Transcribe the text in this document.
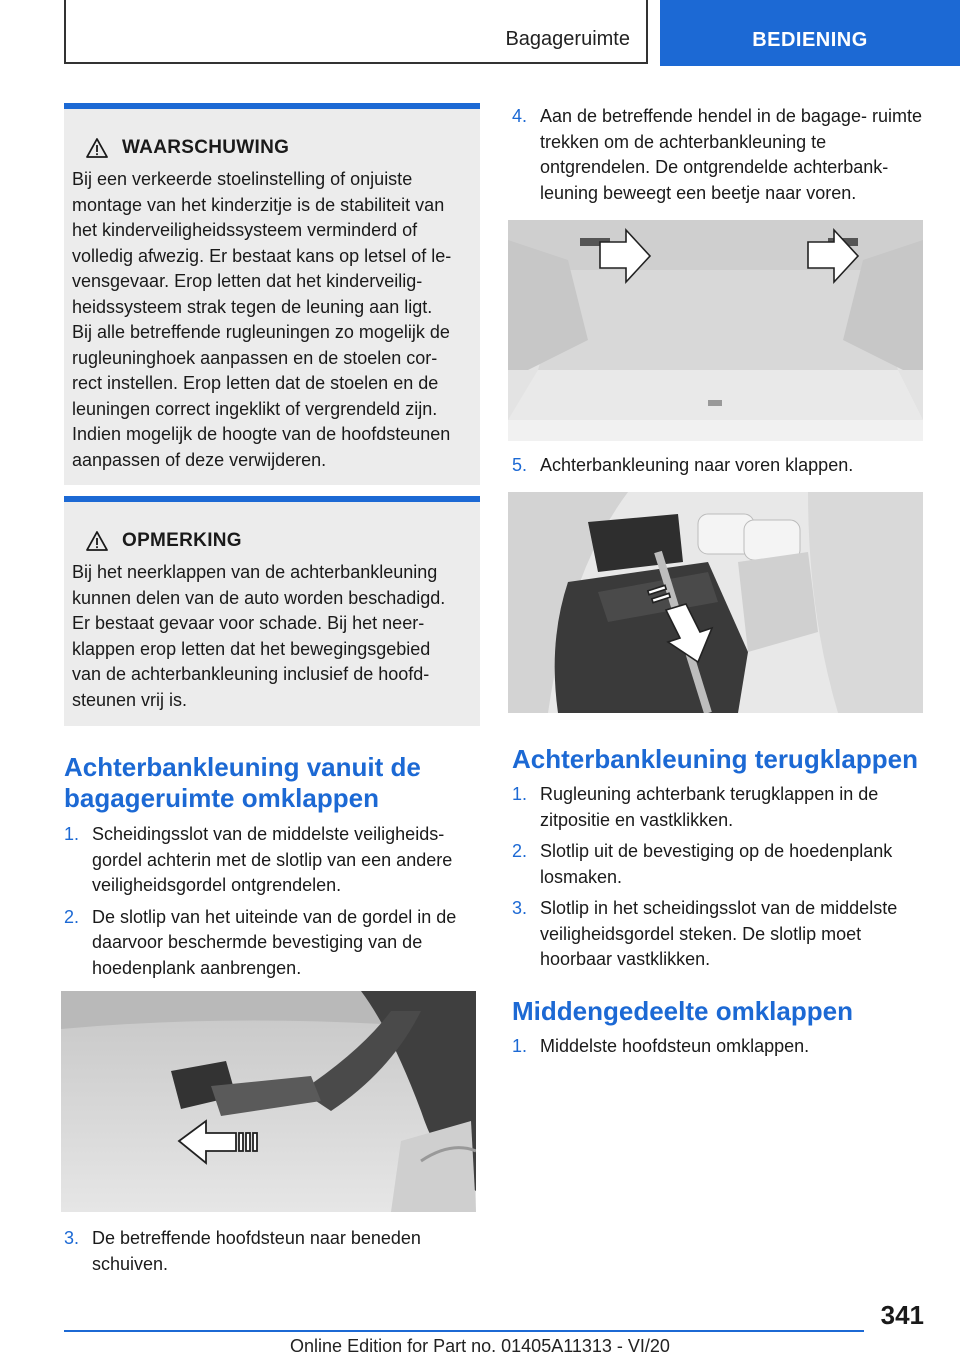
Bagageruimte	BEDIENING
WAARSCHUWING

Bij een verkeerde stoelinstelling of onjuiste

montage van het kinderzitje is de stabiliteit van

het kinderveiligheidssysteem verminderd of

volledig afwezig. Er bestaat kans op letsel of le-

vensgevaar. Erop letten dat het kinderveilig-

heidssysteem strak tegen de leuning aan ligt.

Bij alle betreffende rugleuningen zo mogelijk de

rugleuninghoek aanpassen en de stoelen cor-

rect instellen. Erop letten dat de stoelen en de

leuningen correct ingeklikt of vergrendeld zijn.

Indien mogelijk de hoogte van de hoofdsteunen

aanpassen of deze verwijderen.

OPMERKING

Bij het neerklappen van de achterbankleuning

kunnen delen van de auto worden beschadigd.

Er bestaat gevaar voor schade. Bij het neer-

klappen erop letten dat het bewegingsgebied

van de achterbankleuning inclusief de hoofd-

steunen vrij is.

Achterbankleuning vanuit de
bagageruimte omklappen
1. Scheidingsslot van de middelste veiligheids- gordel achterin met de slotlip van een andere veiligheidsgordel ontgrendelen.
2. De slotlip van het uiteinde van de gordel in de daarvoor beschermde bevestiging van de hoedenplank aanbrengen.
3. De betreffende hoofdsteun naar beneden schuiven.
4. Aan de betreffende hendel in de bagage- ruimte trekken om de achterbankleuning te ontgrendelen. De ontgrendelde achterbank- leuning beweegt een beetje naar voren.
5. Achterbankleuning naar voren klappen.
Achterbankleuning terugklappen
1. Rugleuning achterbank terugklappen in de zitpositie en vastklikken.
2. Slotlip uit de bevestiging op de hoedenplank losmaken.
3. Slotlip in het scheidingsslot van de middelste veiligheidsgordel steken. De slotlip moet hoorbaar vastklikken.
Middengedeelte omklappen
1. Middelste hoofdsteun omklappen.
341
Online Edition for Part no. 01405A11313 - VI/20
